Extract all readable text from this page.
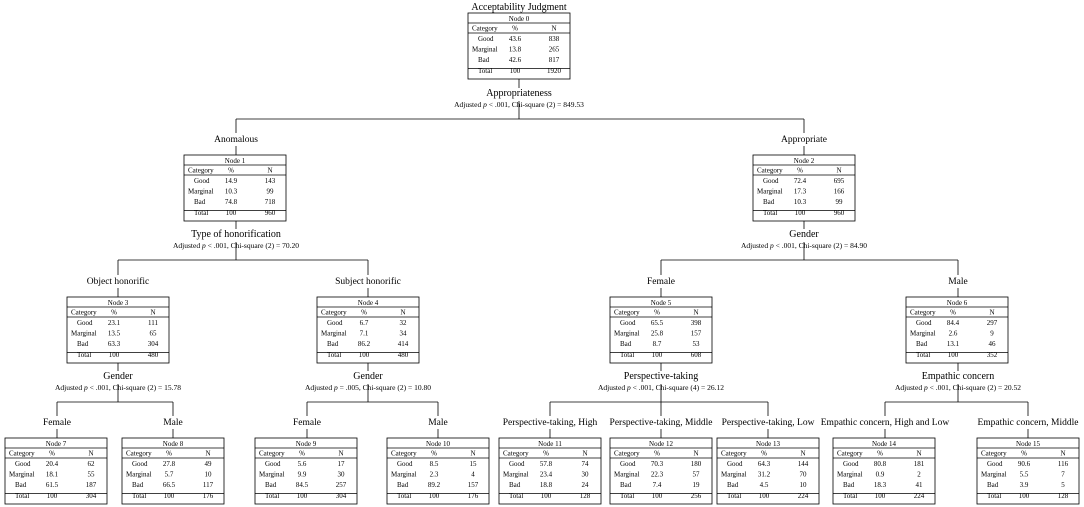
Acceptability Judgment
Appropriateness
Adjusted p < .001, Chi-square (2) = 849.53
Type of honorification
Adjusted p < .001, Chi-square (2) = 70.20
Gender
Adjusted p < .001, Chi-square (2) = 84.90
Gender
Adjusted p < .001, Chi-square (2) = 15.78
Gender
Adjusted p = .005, Chi-square (2) = 10.80
Perspective-taking
Adjusted p < .001, Chi-square (4) = 26.12
Empathic concern
Adjusted p < .001, Chi-square (2) = 20.52
Anomalous	Appropriate
Object honorific	Subject honorific	Female	Male
Female	Male	Female	Male	Perspective-taking, High Perspective-taking, Middle Perspective-taking, Low Empathic concern, High and Low	Empathic concern, Middle
Node 0
Category %	N
Good 43.6	838
Marginal 13.8	265
Bad	42.6	817
Total 100	1920
Node 1
Category %	N
Good 14.9	143
Marginal 10.3	99
Bad	74.8	718
Total 100	960
Node 2
Category %	N
Good 72.4	695
Marginal 17.3	166
Bad	10.3	99
Total 100	960
Node 3
Category %	N
Good 23.1	111
Marginal 13.5	65
Bad	63.3	304
Total 100	480
Node 4
Category %	N
Good 6.7	32
Marginal 7.1	34
Bad	86.2	414
Total 100	480
Node 5
Category %	N
Good 65.5	398
Marginal 25.8	157
Bad	8.7	53
Total 100	608
Node 6
Category %	N
Good 84.4	297
Marginal 2.6	9
Bad	13.1	46
Total 100	352
Node 7
Category %	N
Good 20.4	62
Marginal 18.1	55
Bad	61.5	187
Total 100	304
Node 8
Category %	N
Good 27.8	49
Marginal 5.7	10
Bad	66.5	117
Total 100	176
Node 9
Category %	N
Good 5.6	17
Marginal 9.9	30
Bad	84.5	257
Total 100	304
Node 10
Category %	N
Good 8.5	15
Marginal 2.3	4
Bad	89.2	157
Total 100	176
Node 11
Category %	N
Good 57.8	74
Marginal 23.4	30
Bad	18.8	24
Total 100	128
Node 12
Category %	N
Good 70.3	180
Marginal 22.3	57
Bad	7.4	19
Total 100	256
Node 13
Category %	N
Good 64.3	144
Marginal 31.2	70
Bad	4.5	10
Total 100	224
Node 14
Category %	N
Good 80.8	181
Marginal 0.9	2
Bad	18.3	41
Total 100	224
Node 15
Category %	N
Good 90.6	116
Marginal 5.5	7
Bad	3.9	5
Total 100	128
